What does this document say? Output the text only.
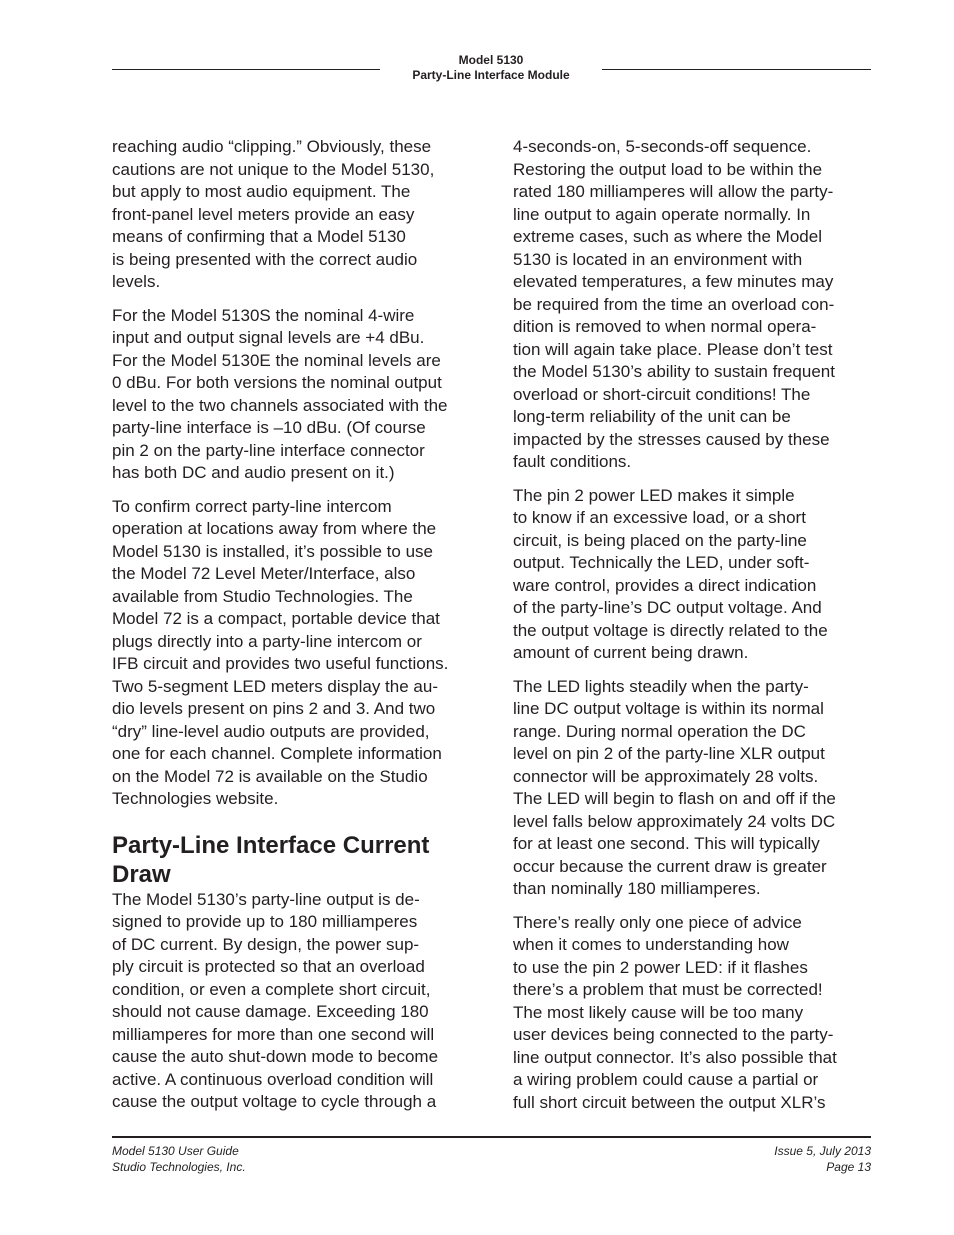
Model 5130
Party-Line Interface Module

reaching audio “clipping.” Obviously, these
cautions are not unique to the Model 5130,
but apply to most audio equipment. The
front-panel level meters provide an easy
means of confirming that a Model 5130
is being presented with the correct audio
levels.

For the Model 5130S the nominal 4-wire
input and output signal levels are +4 dBu.
For the Model 5130E the nominal levels are
0 dBu. For both versions the nominal output
level to the two channels associated with the
party-line interface is –10 dBu. (Of course
pin 2 on the party-line interface connector
has both DC and audio present on it.)

To confirm correct party-line intercom
operation at locations away from where the
Model 5130 is installed, it’s possible to use
the Model 72 Level Meter/Interface, also
available from Studio Technologies. The
Model 72 is a compact, portable device that
plugs directly into a party-line intercom or
IFB circuit and provides two useful functions.
Two 5-segment LED meters display the au-
dio levels present on pins 2 and 3. And two
“dry” line-level audio outputs are provided,
one for each channel. Complete information
on the Model 72 is available on the Studio
Technologies website.

Party-Line Interface Current
Draw

The Model 5130’s party-line output is de-
signed to provide up to 180 milliamperes
of DC current. By design, the power sup-
ply circuit is protected so that an overload
condition, or even a complete short circuit,
should not cause damage. Exceeding 180
milliamperes for more than one second will
cause the auto shut-down mode to become
active. A continuous overload condition will
cause the output voltage to cycle through a

4-seconds-on, 5-seconds-off sequence.
Restoring the output load to be within the
rated 180 milliamperes will allow the party-
line output to again operate normally. In
extreme cases, such as where the Model
5130 is located in an environment with
elevated temperatures, a few minutes may
be required from the time an overload con-
dition is removed to when normal opera-
tion will again take place. Please don’t test
the Model 5130’s ability to sustain frequent
overload or short-circuit conditions! The
long-term reliability of the unit can be
impacted by the stresses caused by these
fault conditions.

The pin 2 power LED makes it simple
to know if an excessive load, or a short
circuit, is being placed on the party-line
output. Technically the LED, under soft-
ware control, provides a direct indication
of the party-line’s DC output voltage. And
the output voltage is directly related to the
amount of current being drawn.

The LED lights steadily when the party-
line DC output voltage is within its normal
range. During normal operation the DC
level on pin 2 of the party-line XLR output
connector will be approximately 28 volts.
The LED will begin to flash on and off if the
level falls below approximately 24 volts DC
for at least one second. This will typically
occur because the current draw is greater
than nominally 180 milliamperes.

There’s really only one piece of advice
when it comes to understanding how
to use the pin 2 power LED: if it flashes
there’s a problem that must be corrected!
The most likely cause will be too many
user devices being connected to the party-
line output connector. It’s also possible that
a wiring problem could cause a partial or
full short circuit between the output XLR’s

Model 5130 User Guide
Studio Technologies, Inc.
Issue 5, July 2013
Page 13
